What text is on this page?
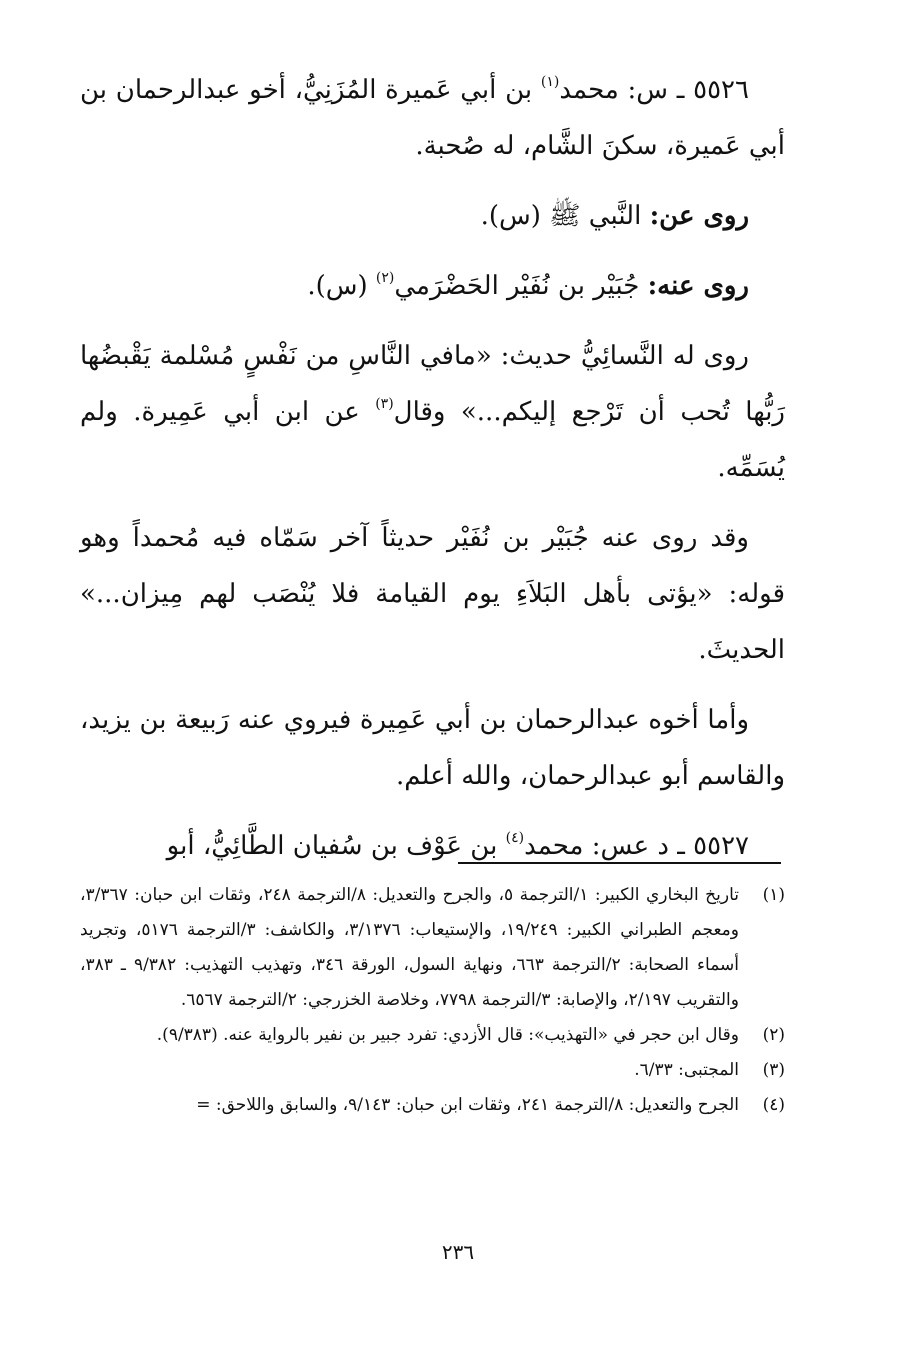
٥٥٢٦ ـ س: محمد$^{(١)}$ بن أبي عَميرة المُزَنِيُّ، أخو عبدالرحمان بن أبي عَميرة، سكنَ الشَّام، له صُحبة.

روى عن: النَّبي ﷺ (س).

روى عنه: جُبَيْر بن نُفَيْر الحَضْرَمي$^{(٢)}$ (س).

روى له النَّسائِيُّ حديث: «مافي النَّاسِ من نَفْسٍ مُسْلمة يَقْبضُها رَبُّها تُحب أن تَرْجع إليكم...» وقال$^{(٣)}$ عن ابن أبي عَمِيرة. ولم يُسَمِّه.

وقد روى عنه جُبَيْر بن نُفَيْر حديثاً آخر سَمّاه فيه مُحمداً وهو قوله: «يؤتى بأهل البَلاَءِ يوم القيامة فلا يُنْصَب لهم مِيزان...» الحديثَ.

وأما أخوه عبدالرحمان بن أبي عَمِيرة فيروي عنه رَبيعة بن يزيد، والقاسم أبو عبدالرحمان، والله أعلم.

٥٥٢٧ ـ د عس: محمد$^{(٤)}$ بن عَوْف بن سُفيان الطَّائِيُّ، أبو

(١)
تاريخ البخاري الكبير: ١/الترجمة ٥، والجرح والتعديل: ٨/الترجمة ٢٤٨، وثقات ابن حبان: ٣/٣٦٧، ومعجم الطبراني الكبير: ١٩/٢٤٩، والإستيعاب: ٣/١٣٧٦، والكاشف: ٣/الترجمة ٥١٧٦، وتجريد أسماء الصحابة: ٢/الترجمة ٦٦٣، ونهاية السول، الورقة ٣٤٦، وتهذيب التهذيب: ٩/٣٨٢ ـ ٣٨٣، والتقريب ٢/١٩٧، والإصابة: ٣/الترجمة ٧٧٩٨، وخلاصة الخزرجي: ٢/الترجمة ٦٥٦٧.
(٢)
وقال ابن حجر في «التهذيب»: قال الأزدي: تفرد جبير بن نفير بالرواية عنه. (٩/٣٨٣).
(٣)
المجتبى: ٦/٣٣.
(٤)
الجرح والتعديل: ٨/الترجمة ٢٤١، وثقات ابن حبان: ٩/١٤٣، والسابق واللاحق: =
٢٣٦
